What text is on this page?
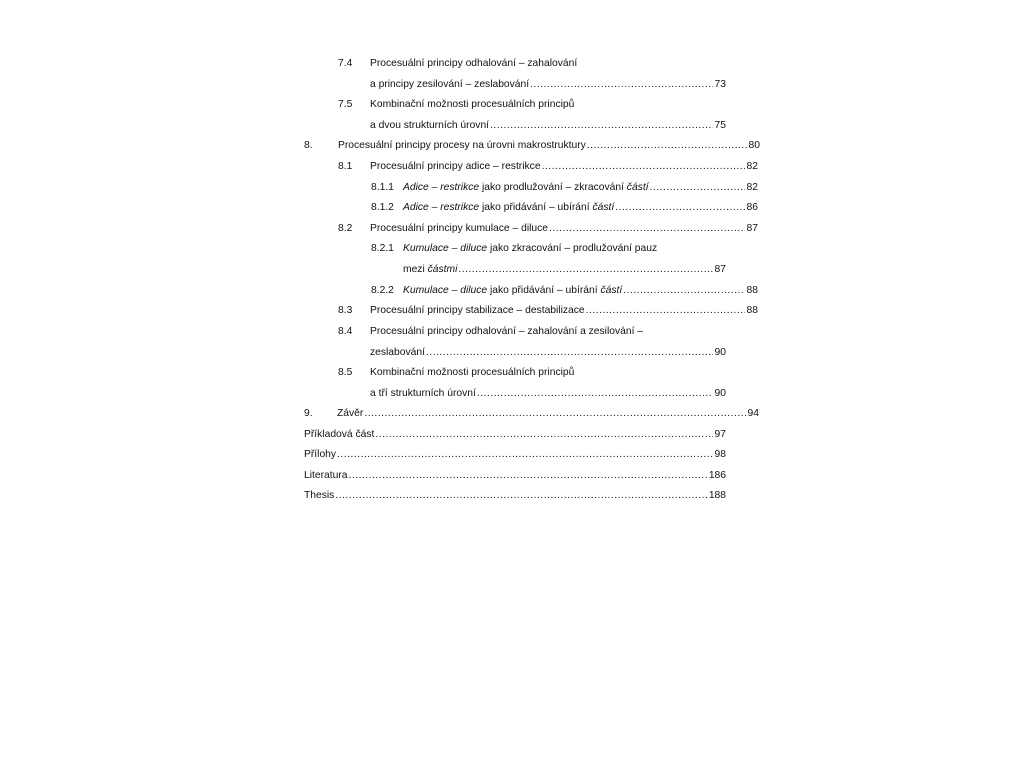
7.4 Procesuální principy odhalování – zahalování
a principy zesilování – zeslabování .....	73
7.5 Kombinační možnosti procesuálních principů
a dvou strukturních úrovní .....	75
8. Procesuální principy procesy na úrovni makrostruktury .....	80
8.1 Procesuální principy adice – restrikce .....	82
8.1.1 Adice – restrikce jako prodlužování – zkracování částí .....	82
8.1.2 Adice – restrikce jako přidávání – ubírání částí .....	86
8.2 Procesuální principy kumulace – diluce .....	87
8.2.1 Kumulace – diluce jako zkracování – prodlužování pauz
mezi částmi .....	87
8.2.2 Kumulace – diluce jako přidávání – ubírání částí .....	88
8.3 Procesuální principy stabilizace – destabilizace .....	88
8.4 Procesuální principy odhalování – zahalování a zesilování –
zeslabování .....	90
8.5 Kombinační možnosti procesuálních principů
a tří strukturních úrovní .....	90
9. Závěr .....	94
Příkladová část .....	97
Přílohy .....	98
Literatura .....	186
Thesis .....	188
